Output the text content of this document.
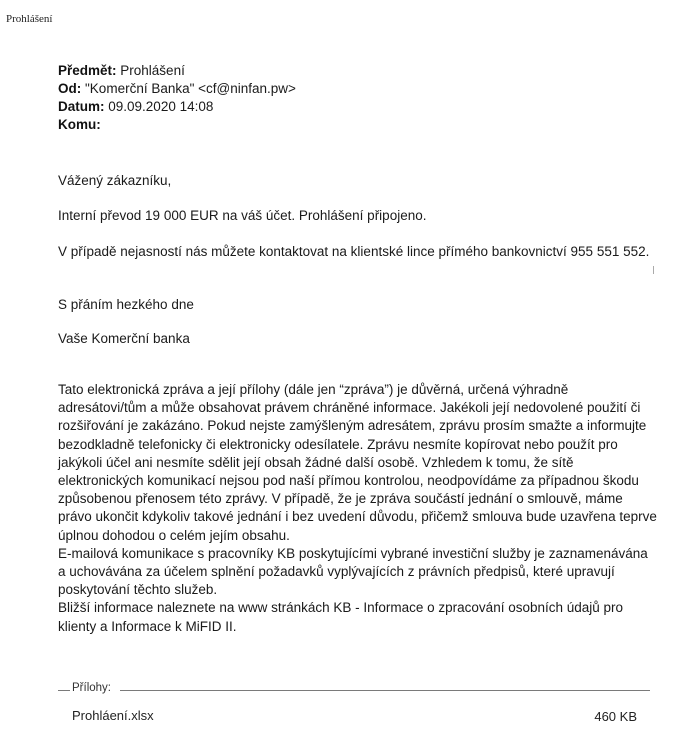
Prohlášení
Předmět: Prohlášení
Od: "Komerční Banka" <cf@ninfan.pw>
Datum: 09.09.2020 14:08
Komu:

Vážený zákazníku,

Interní převod 19 000 EUR na váš účet. Prohlášení připojeno.

V případě nejasností nás můžete kontaktovat na klientské lince přímého bankovnictví 955 551 552.

S přáním hezkého dne

Vaše Komerční banka

Tato elektronická zpráva a její přílohy (dále jen “zpráva”) je důvěrná, určená výhradně adresátovi/tům a může obsahovat právem chráněné informace. Jakékoli její nedovolené použití či rozšiřování je zakázáno. Pokud nejste zamýšleným adresátem, zprávu prosím smažte a informujte bezodkladně telefonicky či elektronicky odesílatele. Zprávu nesmíte kopírovat nebo použít pro jakýkoli účel ani nesmíte sdělit její obsah žádné další osobě. Vzhledem k tomu, že sítě elektronických komunikací nejsou pod naší přímou kontrolou, neodpovídáme za případnou škodu způsobenou přenosem této zprávy. V případě, že je zpráva součástí jednání o smlouvě, máme právo ukončit kdykoliv takové jednání i bez uvedení důvodu, přičemž smlouva bude uzavřena teprve úplnou dohodou o celém jejím obsahu.
E-mailová komunikace s pracovníky KB poskytujícími vybrané investiční služby je zaznamenávána a uchovávána za účelem splnění požadavků vyplývajících z právních předpisů, které upravují poskytování těchto služeb.
Bližší informace naleznete na www stránkách KB - Informace o zpracování osobních údajů pro klienty a Informace k MiFID II.
Přílohy:
Prohláení.xlsx	460 KB
